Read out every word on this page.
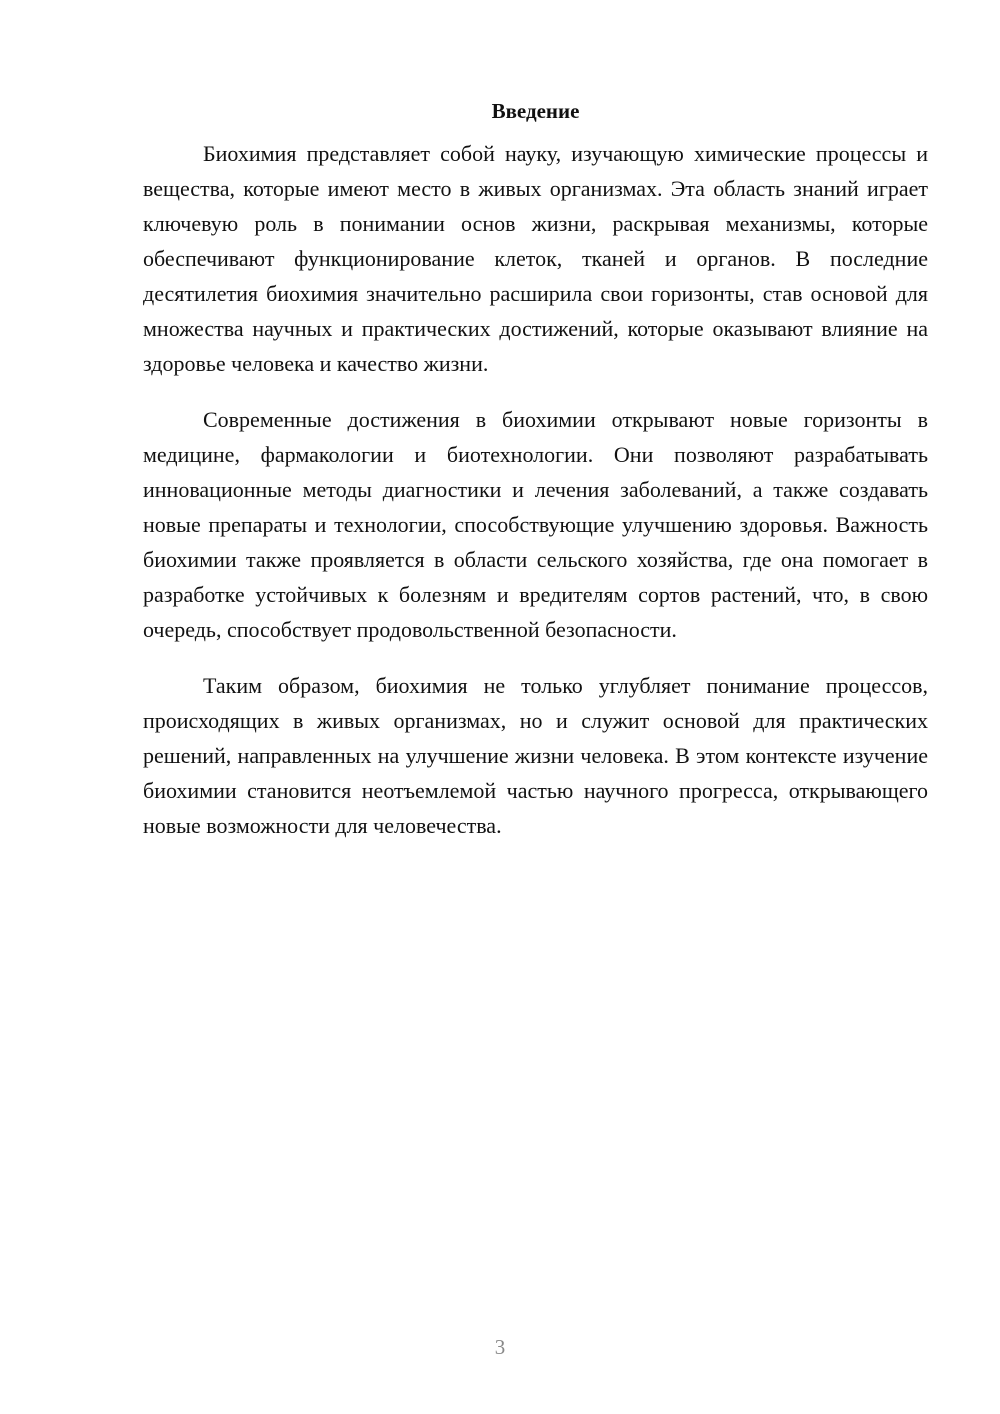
Введение

Биохимия представляет собой науку, изучающую химические процессы и вещества, которые имеют место в живых организмах. Эта область знаний играет ключевую роль в понимании основ жизни, раскрывая механизмы, которые обеспечивают функционирование клеток, тканей и органов. В последние десятилетия биохимия значительно расширила свои горизонты, став основой для множества научных и практических достижений, которые оказывают влияние на здоровье человека и качество жизни.

Современные достижения в биохимии открывают новые горизонты в медицине, фармакологии и биотехнологии. Они позволяют разрабатывать инновационные методы диагностики и лечения заболеваний, а также создавать новые препараты и технологии, способствующие улучшению здоровья. Важность биохимии также проявляется в области сельского хозяйства, где она помогает в разработке устойчивых к болезням и вредителям сортов растений, что, в свою очередь, способствует продовольственной безопасности.

Таким образом, биохимия не только углубляет понимание процессов, происходящих в живых организмах, но и служит основой для практических решений, направленных на улучшение жизни человека. В этом контексте изучение биохимии становится неотъемлемой частью научного прогресса, открывающего новые возможности для человечества.

3
